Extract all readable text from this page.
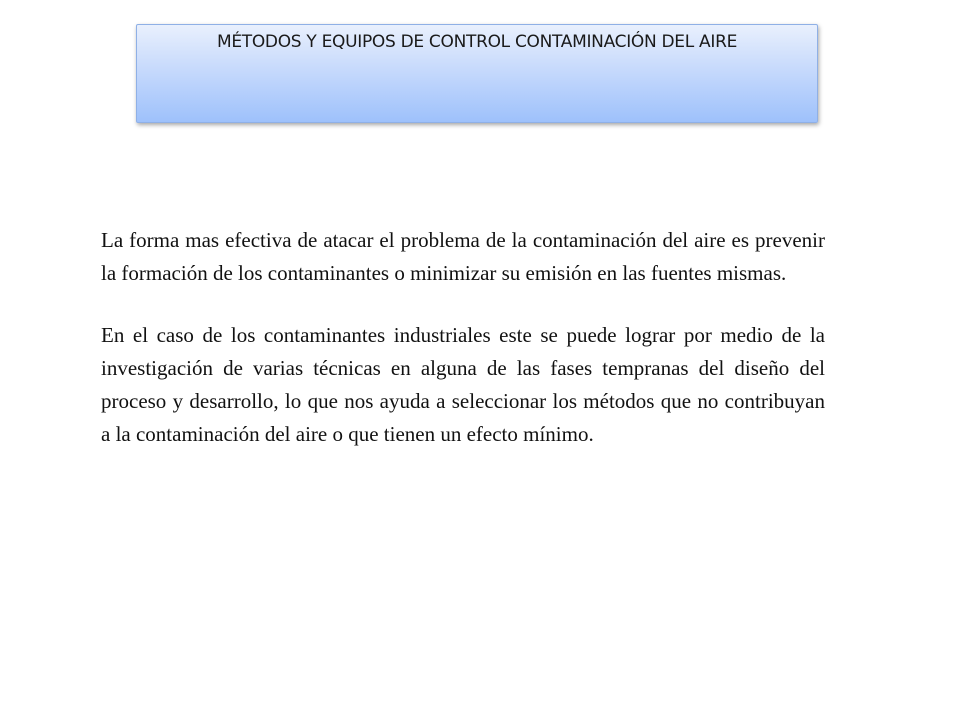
MÉTODOS Y EQUIPOS DE CONTROL CONTAMINACIÓN DEL AIRE

La forma mas efectiva de atacar el problema de la contaminación del aire es prevenir la formación de los contaminantes o minimizar su emisión en las fuentes mismas.

En el caso de los contaminantes industriales este se puede lograr por medio de la investigación de varias técnicas en alguna de las fases tempranas del diseño del proceso y desarrollo, lo que nos ayuda a seleccionar los métodos que no contribuyan a la contaminación del aire o que tienen un efecto mínimo.
